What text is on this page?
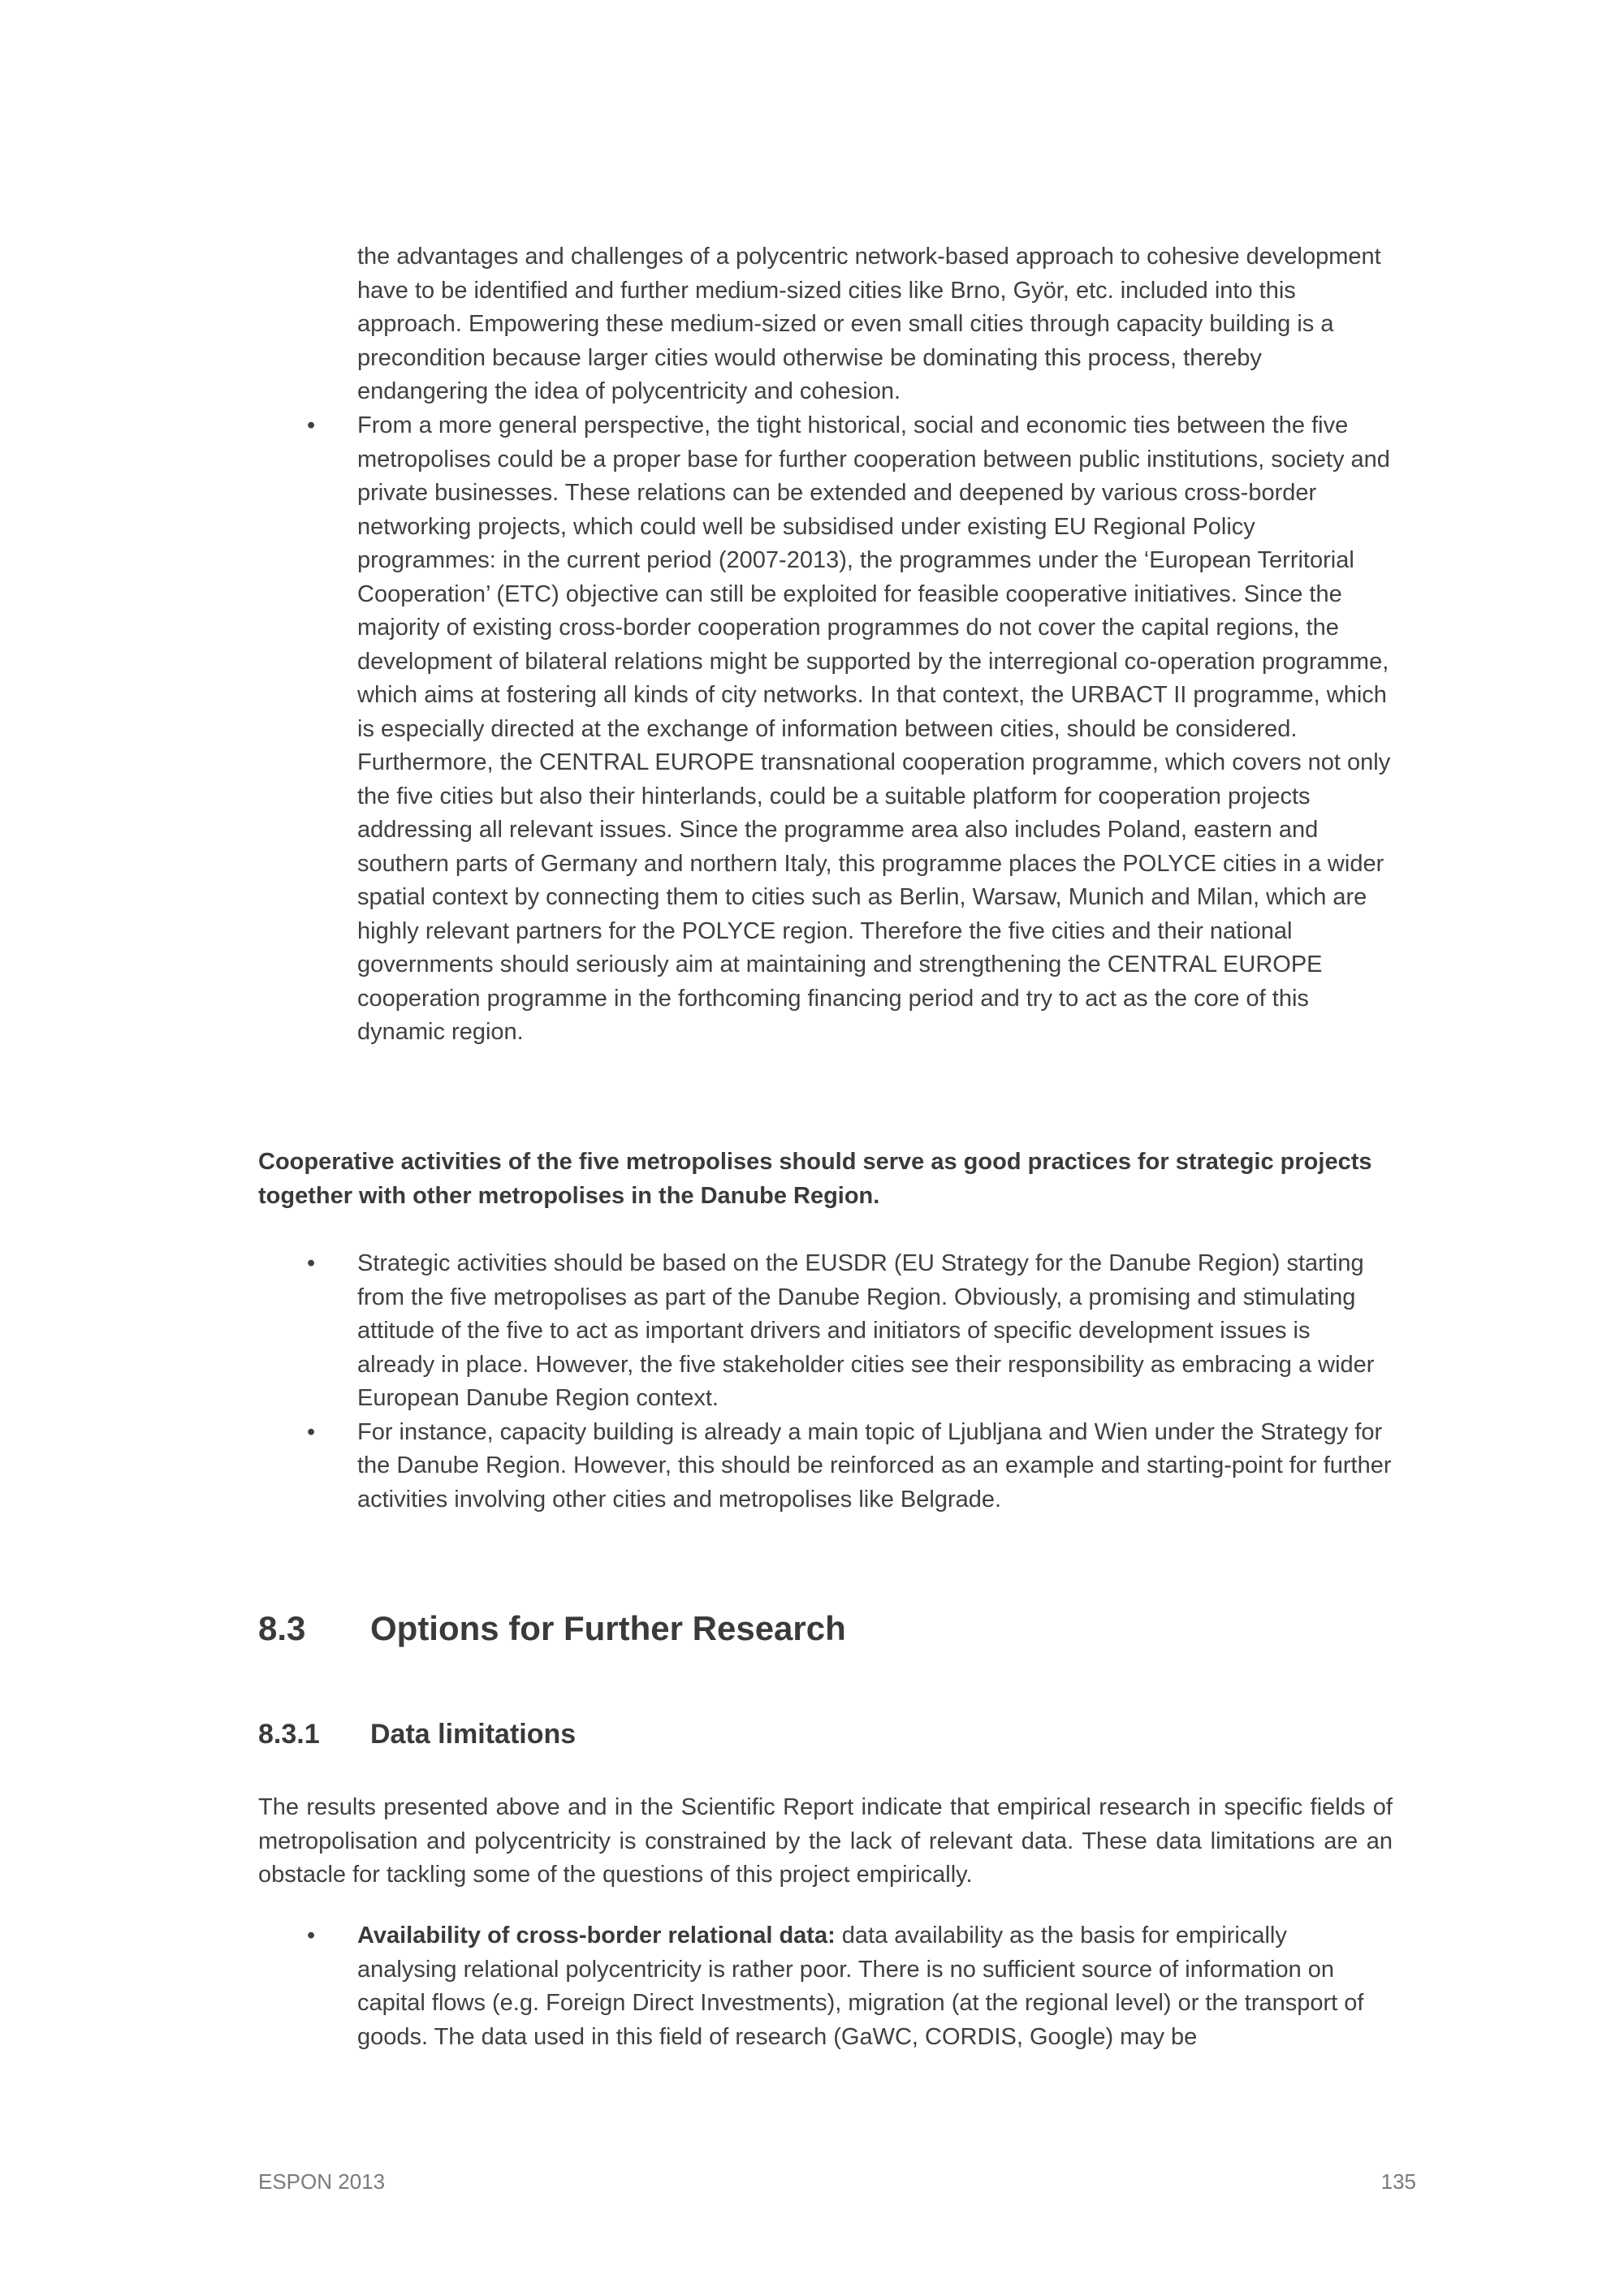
the advantages and challenges of a polycentric network-based approach to cohesive development have to be identified and further medium-sized cities like Brno, Györ, etc. included into this approach. Empowering these medium-sized or even small cities through capacity building is a precondition because larger cities would otherwise be dominating this process, thereby endangering the idea of polycentricity and cohesion.

•	From a more general perspective, the tight historical, social and economic ties between the five metropolises could be a proper base for further cooperation between public institutions, society and private businesses. These relations can be extended and deepened by various cross-border networking projects, which could well be subsidised under existing EU Regional Policy programmes: in the current period (2007-2013), the programmes under the ‘European Territorial Cooperation’ (ETC) objective can still be exploited for feasible cooperative initiatives. Since the majority of existing cross-border cooperation programmes do not cover the capital regions, the development of bilateral relations might be supported by the interregional co-operation programme, which aims at fostering all kinds of city networks. In that context, the URBACT II programme, which is especially directed at the exchange of information between cities, should be considered. Furthermore, the CENTRAL EUROPE transnational cooperation programme, which covers not only the five cities but also their hinterlands, could be a suitable platform for cooperation projects addressing all relevant issues. Since the programme area also includes Poland, eastern and southern parts of Germany and northern Italy, this programme places the POLYCE cities in a wider spatial context by connecting them to cities such as Berlin, Warsaw, Munich and Milan, which are highly relevant partners for the POLYCE region. Therefore the five cities and their national governments should seriously aim at maintaining and strengthening the CENTRAL EUROPE cooperation programme in the forthcoming financing period and try to act as the core of this dynamic region.

Cooperative activities of the five metropolises should serve as good practices for strategic projects together with other metropolises in the Danube Region.

•	Strategic activities should be based on the EUSDR (EU Strategy for the Danube Region) starting from the five metropolises as part of the Danube Region. Obviously, a promising and stimulating attitude of the five to act as important drivers and initiators of specific development issues is already in place. However, the five stakeholder cities see their responsibility as embracing a wider European Danube Region context.
•	For instance, capacity building is already a main topic of Ljubljana and Wien under the Strategy for the Danube Region. However, this should be reinforced as an example and starting-point for further activities involving other cities and metropolises like Belgrade.
8.3 Options for Further Research
8.3.1 Data limitations

The results presented above and in the Scientific Report indicate that empirical research in specific fields of metropolisation and polycentricity is constrained by the lack of relevant data. These data limitations are an obstacle for tackling some of the questions of this project empirically.

•	Availability of cross-border relational data: data availability as the basis for empirically analysing relational polycentricity is rather poor. There is no sufficient source of information on capital flows (e.g. Foreign Direct Investments), migration (at the regional level) or the transport of goods. The data used in this field of research (GaWC, CORDIS, Google) may be
ESPON 2013	135
